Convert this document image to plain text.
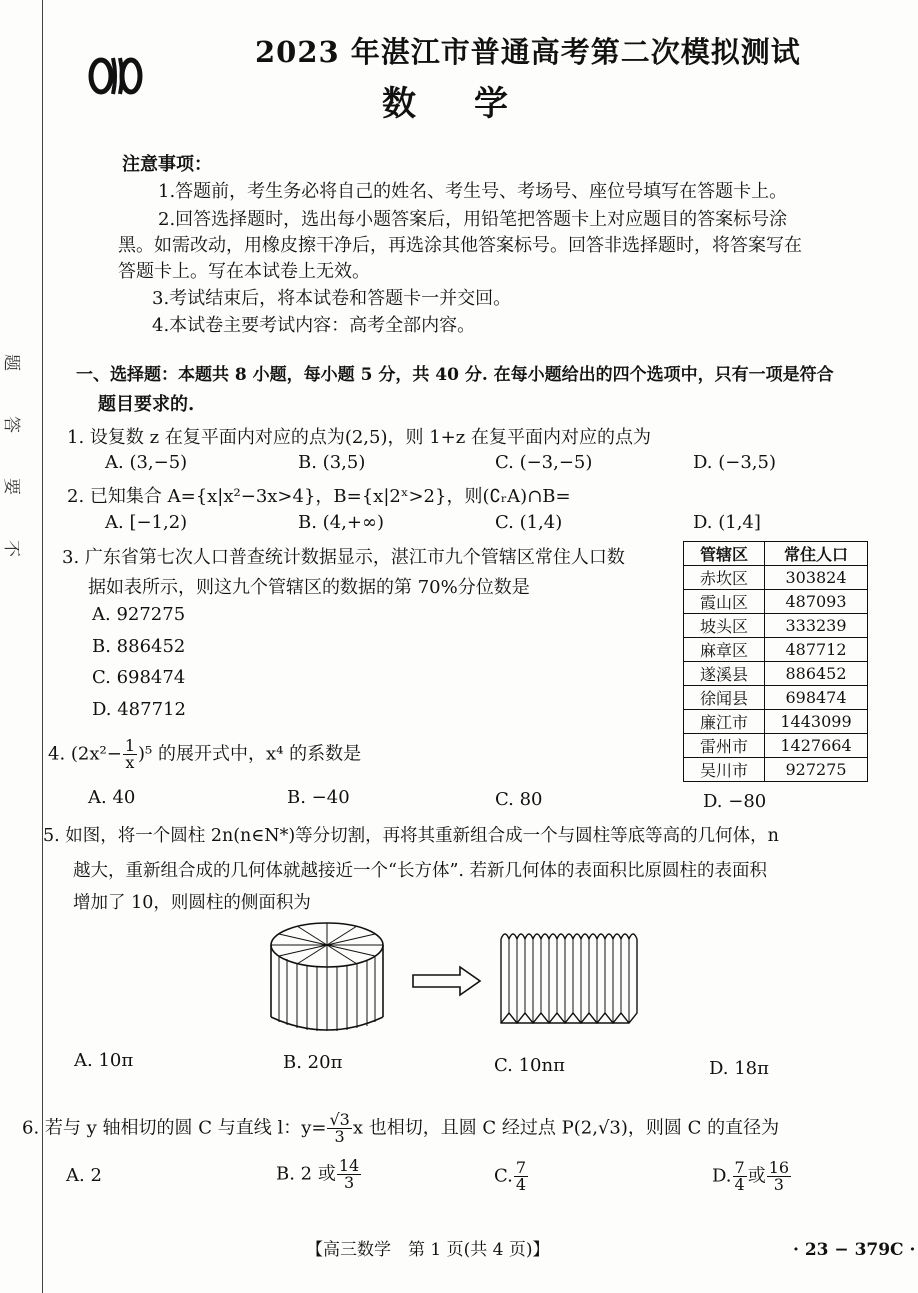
题
答
要
不
2023 年湛江市普通高考第二次模拟测试
数学
注意事项：
1.答题前，考生务必将自己的姓名、考生号、考场号、座位号填写在答题卡上。
2.回答选择题时，选出每小题答案后，用铅笔把答题卡上对应题目的答案标号涂
黑。如需改动，用橡皮擦干净后，再选涂其他答案标号。回答非选择题时，将答案写在
答题卡上。写在本试卷上无效。
3.考试结束后，将本试卷和答题卡一并交回。
4.本试卷主要考试内容：高考全部内容。
一、选择题：本题共 8 小题，每小题 5 分，共 40 分. 在每小题给出的四个选项中，只有一项是符合
题目要求的.
1. 设复数 z 在复平面内对应的点为(2,5)，则 1+z 在复平面内对应的点为
A. (3,−5)	B. (3,5)	C. (−3,−5)	D. (−3,5)
2. 已知集合 A={x|x²−3x>4}，B={x|2ˣ>2}，则(∁ᵣA)∩B=
A. [−1,2)	B. (4,+∞)	C. (1,4)	D. (1,4]
3. 广东省第七次人口普查统计数据显示，湛江市九个管辖区常住人口数
据如表所示，则这九个管辖区的数据的第 70%分位数是
A. 927275
B. 886452
C. 698474
D. 487712
管辖区	常住人口
赤坎区	303824
霞山区	487093
坡头区	333239
麻章区	487712
遂溪县	886452
徐闻县	698474
廉江市	1443099
雷州市	1427664
吴川市	927275
4. $(2x^2- \frac{1}{x} )^5$ 的展开式中，x⁴ 的系数是
A. 40	B. −40	C. 80	D. −80
5. 如图，将一个圆柱 2n(n∈N*)等分切割，再将其重新组合成一个与圆柱等底等高的几何体，n
越大，重新组合成的几何体就越接近一个“长方体”. 若新几何体的表面积比原圆柱的表面积
增加了 10，则圆柱的侧面积为
A. 10π	B. 20π	C. 10nπ	D. 18π
6. 若与 y 轴相切的圆 C 与直线 l：$y= \frac{√3}{3}$ x 也相切，且圆 C 经过点 P(2,√3)，则圆 C 的直径为
A. 2	B. 2 或 $\frac{14}{3}$	C. $\frac{7}{4}$	D. $\frac{7}{4}$ 或 $\frac{16}{3}$
【高三数学　第 1 页(共 4 页)】	· 23 − 379C ·
